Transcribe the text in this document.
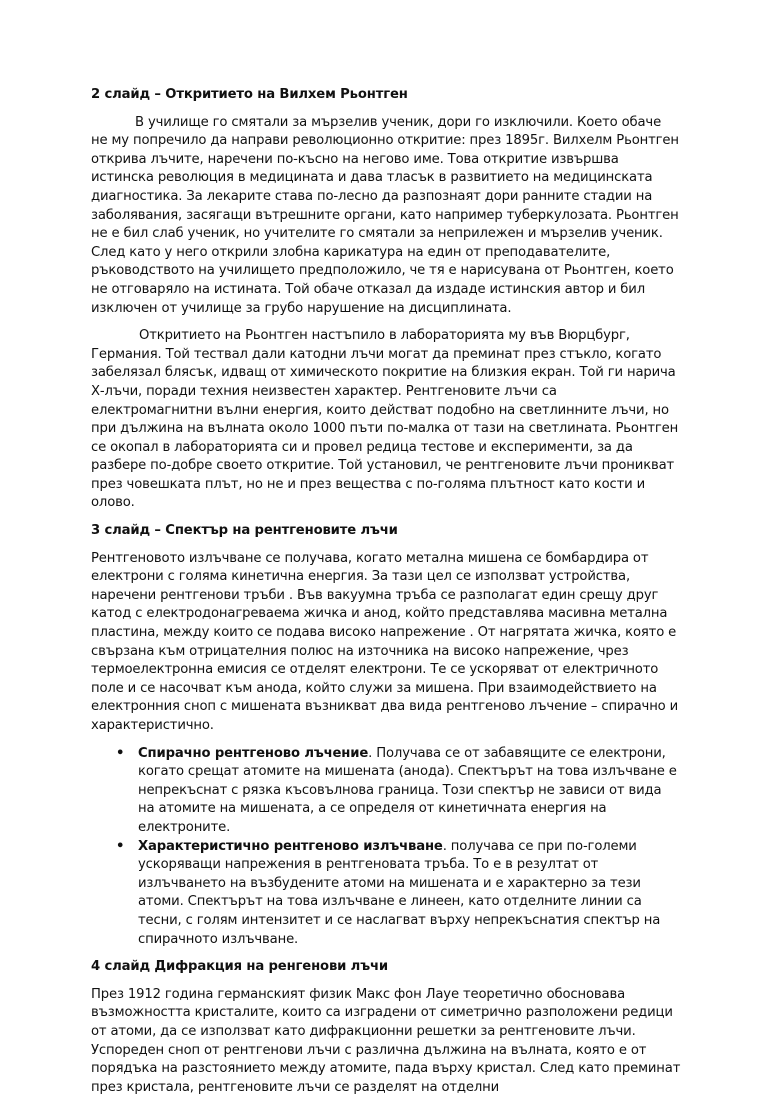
2 слайд – Откритието на Вилхем Рьонтген

В училище го смятали за мързелив ученик, дори го изключили. Което обаче не му попречило да направи революционно откритие: през 1895г. Вилхелм Рьонтген открива лъчите, наречени по-късно на негово име. Това откритие извършва истинска революция в медицината и дава тласък в развитието на медицинската диагностика. За лекарите става по-лесно да разпознаят дори ранните стадии на заболявания, засягащи вътрешните органи, като например туберкулозата. Рьонтген не е бил слаб ученик, но учителите го смятали за неприлежен и мързелив ученик. След като у него открили злобна карикатура на един от преподавателите, ръководството на училището предположило, че тя е нарисувана от Рьонтген, което не отговаряло на истината. Той обаче отказал да издаде истинския автор и бил изключен от училище за грубо нарушение на дисциплината.

Откритието на Рьонтген настъпило в лабораторията му във Вюрцбург, Германия. Той тествал дали катодни лъчи могат да преминат през стъкло, когато забелязал блясък, идващ от химическото покритие на близкия екран. Той ги нарича Х-лъчи, поради техния неизвестен характер. Рентгеновите лъчи са електромагнитни вълни енергия, които действат подобно на светлинните лъчи, но при дължина на вълната около 1000 пъти по-малка от тази на светлината. Рьонтген се окопал в лабораторията си и провел редица тестове и експерименти, за да разбере по-добре своето откритие. Той установил, че рентгеновите лъчи проникват през човешката плът, но не и през вещества с по-голяма плътност като кости и олово.

3 слайд – Спектър на рентгеновите лъчи

Рентгеновото излъчване се получава, когато метална мишена се бомбардира от електрони с голяма кинетична енергия. За тази цел се използват устройства, наречени рентгенови тръби . Във вакуумна тръба се разполагат един срещу друг катод с електродонагреваема жичка и анод, който представлява масивна метална пластина, между които се подава високо напрежение . От нагрятата жичка, която е свързана към отрицателния полюс на източника на високо напрежение, чрез термоелектронна емисия се отделят електрони. Те се ускоряват от електричното поле и се насочват към анода, който служи за мишена. При взаимодействието на електронния сноп с мишената възникват два вида рентгеново лъчение – спирачно и характеристично.

• Спирачно рентгеново лъчение. Получава се от забавящите се електрони, когато срещат атомите на мишената (анода). Спектърът на това излъчване е непрекъснат с рязка късовълнова граница. Този спектър не зависи от вида на атомите на мишената, а се определя от кинетичната енергия на електроните.
• Характеристично рентгеново излъчване. получава се при по-големи ускоряващи напрежения в рентгеновата тръба. То е в резултат от излъчването на възбудените атоми на мишената и е характерно за тези атоми. Спектърът на това излъчване е линеен, като отделните линии са тесни, с голям интензитет и се наслагват върху непрекъснатия спектър на спирачното излъчване.
4 слайд Дифракция на ренгенови лъчи

През 1912 година германският физик Макс фон Лауе теоретично обосновава възможността кристалите, които са изградени от симетрично разположени редици от атоми, да се използват като дифракционни решетки за рентгеновите лъчи. Успореден сноп от рентгенови лъчи с различна дължина на вълната, която е от порядъка на разстоянието между атомите, пада върху кристал. След като преминат през кристала, рентгеновите лъчи се разделят на отделни
